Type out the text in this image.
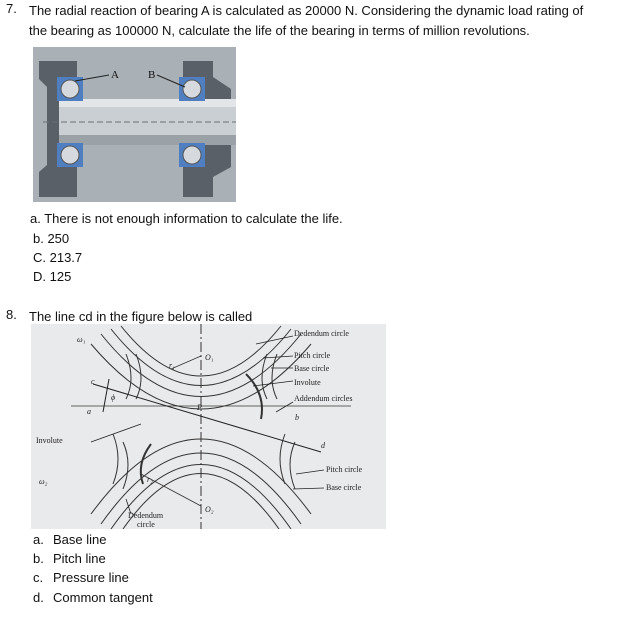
7. The radial reaction of bearing A is calculated as 20000 N. Considering the dynamic load rating of
the bearing as 100000 N, calculate the life of the bearing in terms of million revolutions.
A	B
a. There is not enough information to calculate the life.
b. 250
C. 213.7
D. 125
8. The line cd in the figure below is called
Dedendum circle
Pitch circle
Base circle
Involute
Addendum circles
Involute
Pitch circle
Base circle
Dedendum
circle
ω₁
ω₂
O₁
O₂
r₁
r₂
c
d
a
b
P
ϕ
a. Base line
b. Pitch line
c. Pressure line
d. Common tangent
